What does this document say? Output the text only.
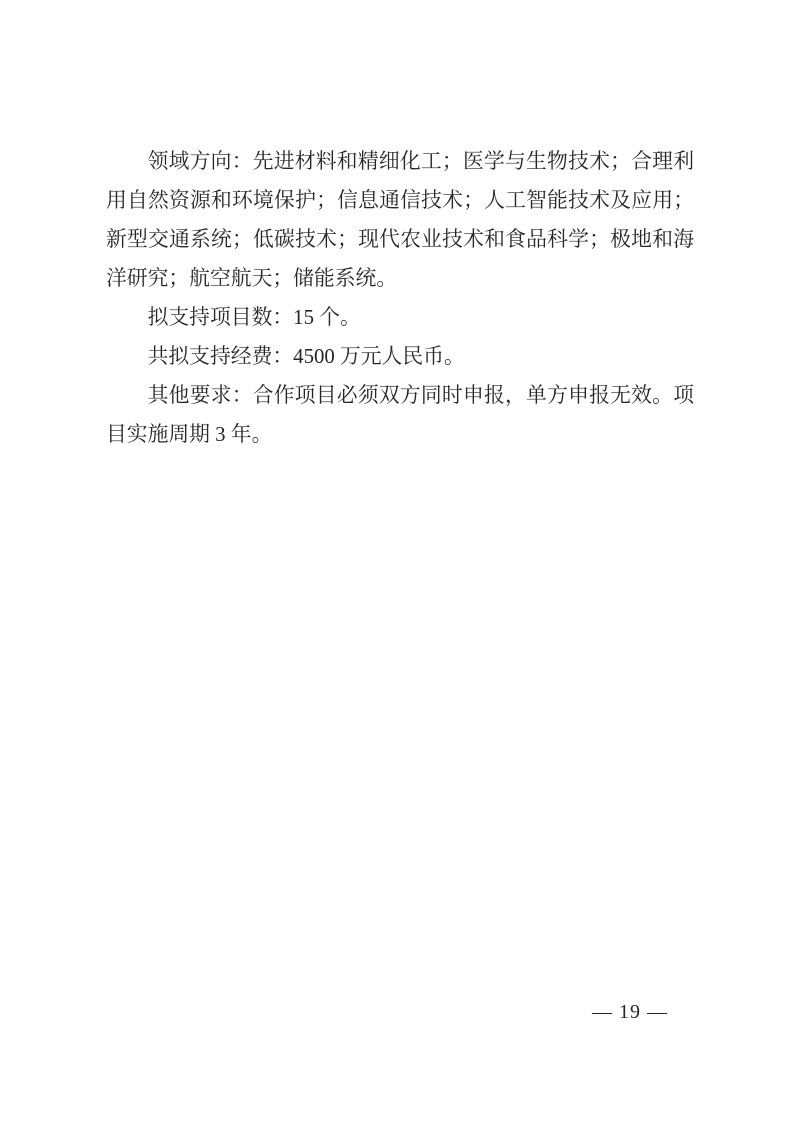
领域方向：先进材料和精细化工；医学与生物技术；合理利
用自然资源和环境保护；信息通信技术；人工智能技术及应用；
新型交通系统；低碳技术；现代农业技术和食品科学；极地和海
洋研究；航空航天；储能系统。
拟支持项目数：15 个。
共拟支持经费：4500 万元人民币。
其他要求：合作项目必须双方同时申报，单方申报无效。项
目实施周期 3 年。
— 19 —
